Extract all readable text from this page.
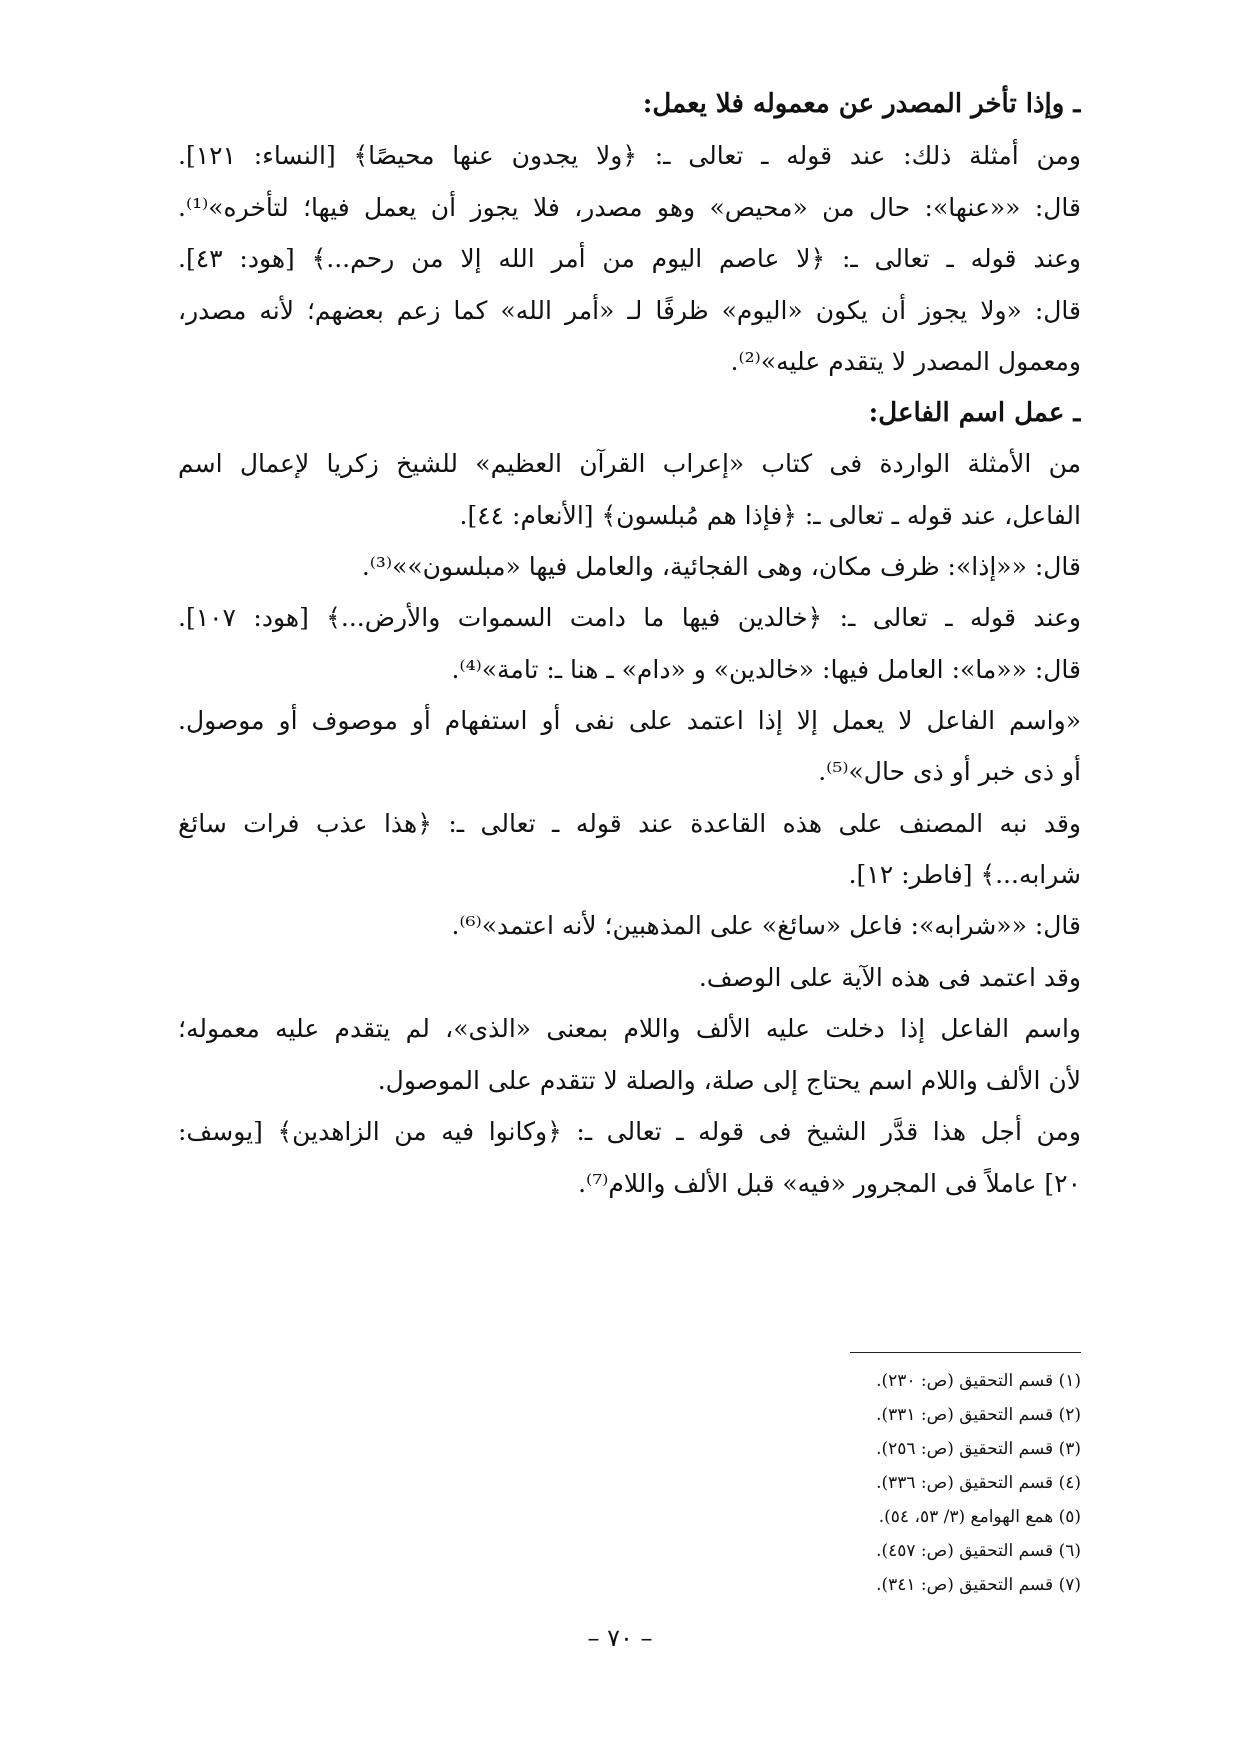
ـ وإذا تأخر المصدر عن معموله فلا يعمل:
ومن أمثلة ذلك: عند قوله ـ تعالى ـ: ﴿ولا يجدون عنها محيصًا﴾ [النساء: ١٢١].
قال: ««عنها»: حال من «محيص» وهو مصدر، فلا يجوز أن يعمل فيها؛ لتأخره»⁽¹⁾.
وعند قوله ـ تعالى ـ: ﴿لا عاصم اليوم من أمر الله إلا من رحم...﴾ [هود: ٤٣].
قال: «ولا يجوز أن يكون «اليوم» ظرفًا لـ «أمر الله» كما زعم بعضهم؛ لأنه مصدر،
ومعمول المصدر لا يتقدم عليه»⁽²⁾.
ـ عمل اسم الفاعل:
من الأمثلة الواردة فى كتاب «إعراب القرآن العظيم» للشيخ زكريا لإعمال اسم
الفاعل، عند قوله ـ تعالى ـ: ﴿فإذا هم مُبلسون﴾ [الأنعام: ٤٤].
قال: ««إذا»: ظرف مكان، وهى الفجائية، والعامل فيها «مبلسون»»⁽³⁾.
وعند قوله ـ تعالى ـ: ﴿خالدين فيها ما دامت السموات والأرض...﴾ [هود: ١٠٧].
قال: ««ما»: العامل فيها: «خالدين» و «دام» ـ هنا ـ: تامة»⁽⁴⁾.
«واسم الفاعل لا يعمل إلا إذا اعتمد على نفى أو استفهام أو موصوف أو موصول.
أو ذى خبر أو ذى حال»⁽⁵⁾.
وقد نبه المصنف على هذه القاعدة عند قوله ـ تعالى ـ: ﴿هذا عذب فرات سائغ
شرابه...﴾ [فاطر: ١٢].
قال: ««شرابه»: فاعل «سائغ» على المذهبين؛ لأنه اعتمد»⁽⁶⁾.
وقد اعتمد فى هذه الآية على الوصف.
واسم الفاعل إذا دخلت عليه الألف واللام بمعنى «الذى»، لم يتقدم عليه معموله؛
لأن الألف واللام اسم يحتاج إلى صلة، والصلة لا تتقدم على الموصول.
ومن أجل هذا قدَّر الشيخ فى قوله ـ تعالى ـ: ﴿وكانوا فيه من الزاهدين﴾ [يوسف:
٢٠] عاملاً فى المجرور «فيه» قبل الألف واللام⁽⁷⁾.
(١) قسم التحقيق (ص: ٢٣٠).
(٢) قسم التحقيق (ص: ٣٣١).
(٣) قسم التحقيق (ص: ٢٥٦).
(٤) قسم التحقيق (ص: ٣٣٦).
(٥) همع الهوامع (٣/ ٥٣، ٥٤).
(٦) قسم التحقيق (ص: ٤٥٧).
(٧) قسم التحقيق (ص: ٣٤١).
– ٧٠ –
